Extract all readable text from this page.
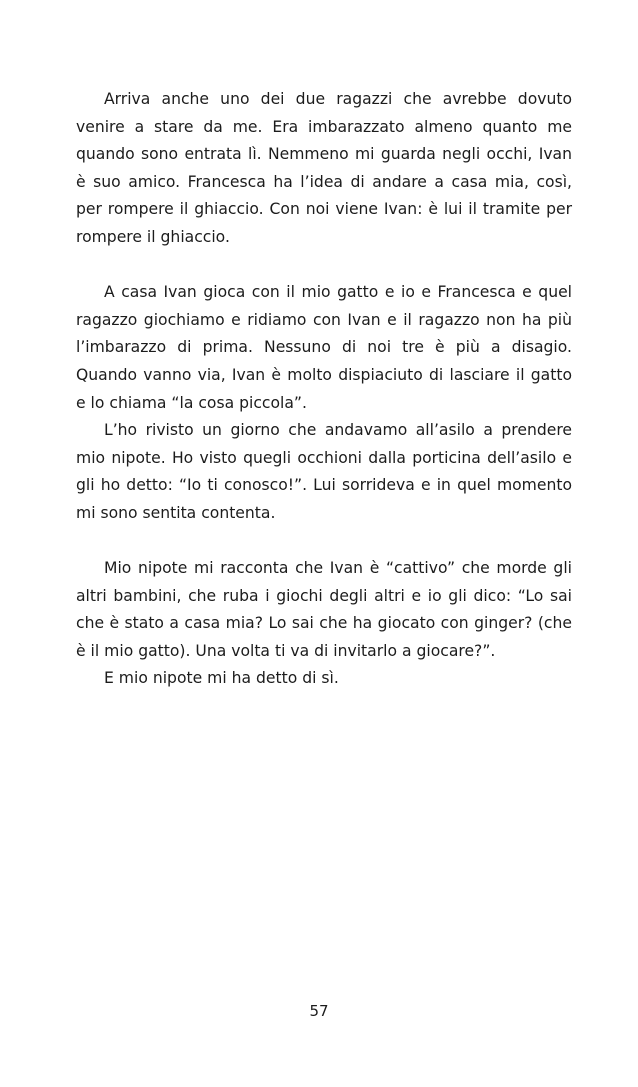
Arriva anche uno dei due ragazzi che avrebbe dovuto venire a stare da me. Era imbarazzato almeno quanto me quando sono entrata lì. Nemmeno mi guarda negli occhi, Ivan è suo amico. Francesca ha l’idea di andare a casa mia, così, per rompere il ghiaccio. Con noi viene Ivan: è lui il tramite per rompere il ghiaccio.

A casa Ivan gioca con il mio gatto e io e Francesca e quel ragazzo giochiamo e ridiamo con Ivan e il ragazzo non ha più l’imbarazzo di prima. Nessuno di noi tre è più a disagio. Quando vanno via, Ivan è molto dispiaciuto di lasciare il gatto e lo chiama “la cosa piccola”.

L’ho rivisto un giorno che andavamo all’asilo a prendere mio nipote. Ho visto quegli occhioni dalla porticina dell’asilo e gli ho detto: “Io ti conosco!”. Lui sorrideva e in quel momento mi sono sentita contenta.

Mio nipote mi racconta che Ivan è “cattivo” che morde gli altri bambini, che ruba i giochi degli altri e io gli dico: “Lo sai che è stato a casa mia? Lo sai che ha giocato con ginger? (che è il mio gatto). Una volta ti va di invitarlo a giocare?”.

E mio nipote mi ha detto di sì.

57
